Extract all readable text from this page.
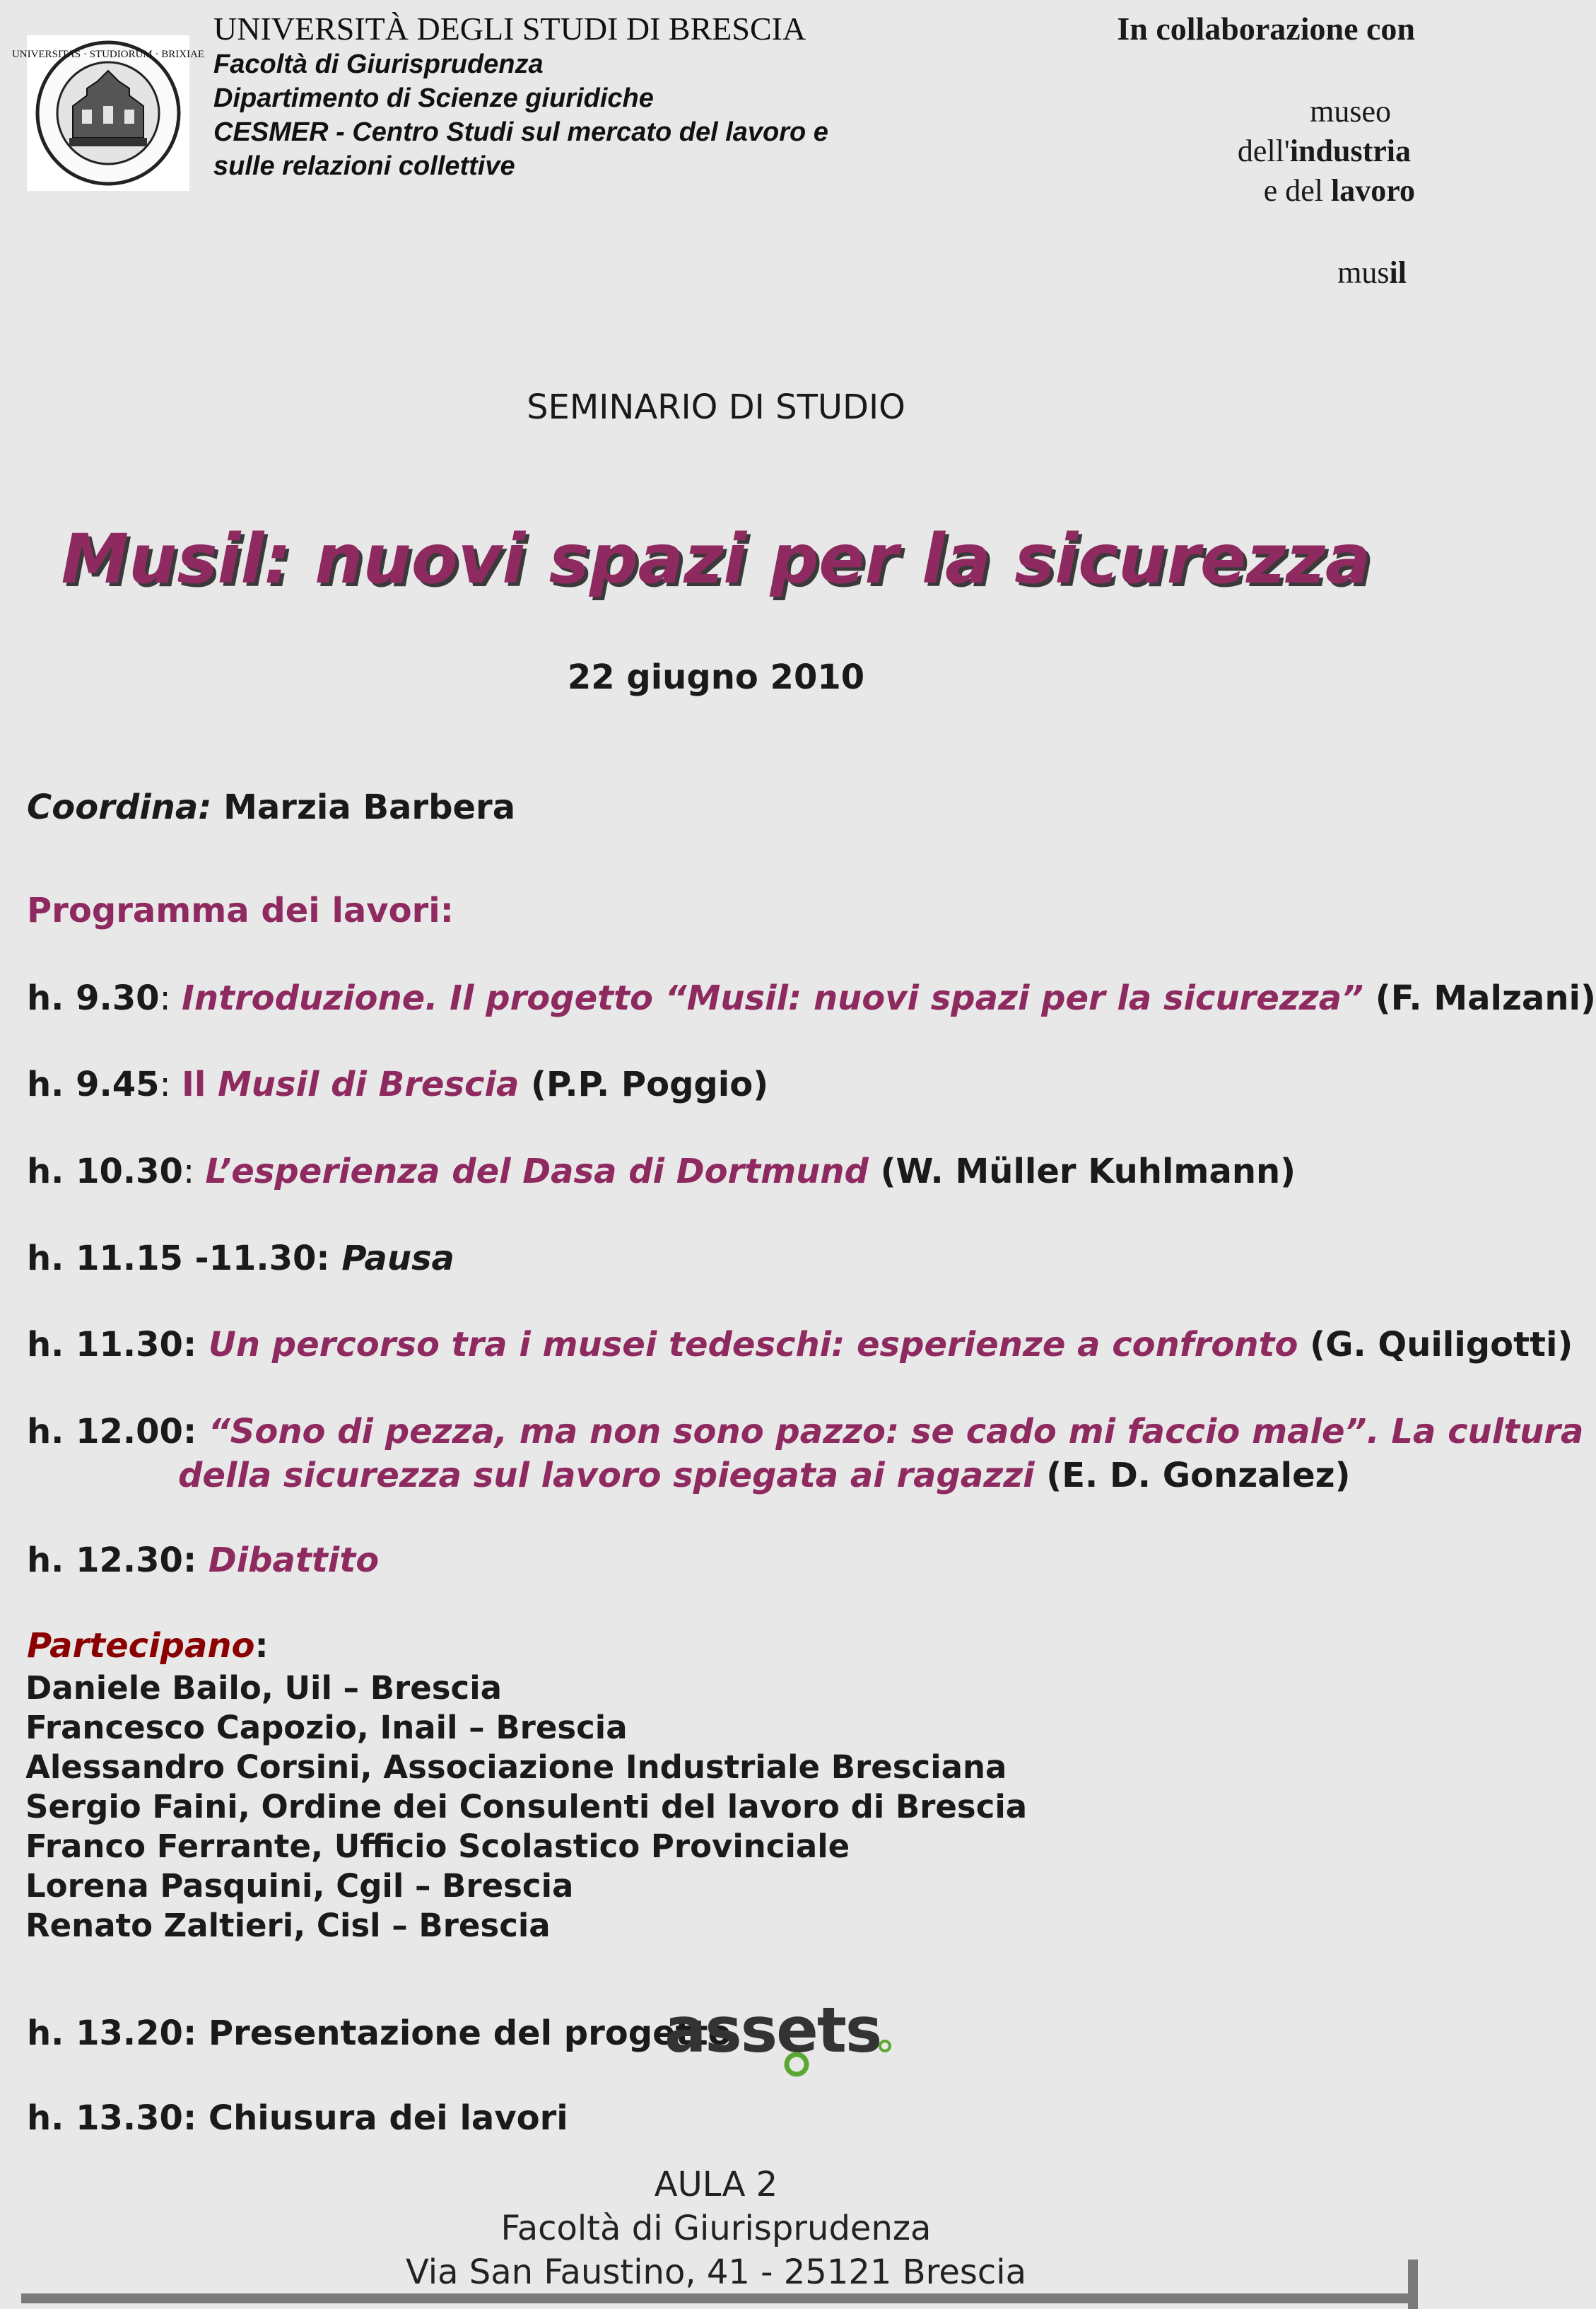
UNIVERSITAS · STUDIORUM · BRIXIAE
UNIVERSITÀ DEGLI STUDI DI BRESCIA
Facoltà di Giurisprudenza
Dipartimento di Scienze giuridiche
CESMER - Centro Studi sul mercato del lavoro e
sulle relazioni collettive
In collaborazione con
museo
dell'industria
e del lavoro
musil
SEMINARIO DI STUDIO
Musil: nuovi spazi per la sicurezza
22 giugno 2010
Coordina: Marzia Barbera
Programma dei lavori:
h. 9.30: Introduzione. Il progetto “Musil: nuovi spazi per la sicurezza” (F. Malzani)
h. 9.45: Il Musil di Brescia (P.P. Poggio)
h. 10.30: L’esperienza del Dasa di Dortmund (W. Müller Kuhlmann)
h. 11.15 -11.30: Pausa
h. 11.30: Un percorso tra i musei tedeschi: esperienze a confronto (G. Quiligotti)
h. 12.00: “Sono di pezza, ma non sono pazzo: se cado mi faccio male”. La cultura
della sicurezza sul lavoro spiegata ai ragazzi (E. D. Gonzalez)
h. 12.30: Dibattito
Partecipano:
Daniele Bailo, Uil – Brescia
Francesco Capozio, Inail – Brescia
Alessandro Corsini, Associazione Industriale Bresciana
Sergio Faini, Ordine dei Consulenti del lavoro di Brescia
Franco Ferrante, Ufficio Scolastico Provinciale
Lorena Pasquini, Cgil – Brescia
Renato Zaltieri, Cisl – Brescia
h. 13.20: Presentazione del progetto
assets
h. 13.30: Chiusura dei lavori
AULA 2
Facoltà di Giurisprudenza
Via San Faustino, 41 - 25121 Brescia
